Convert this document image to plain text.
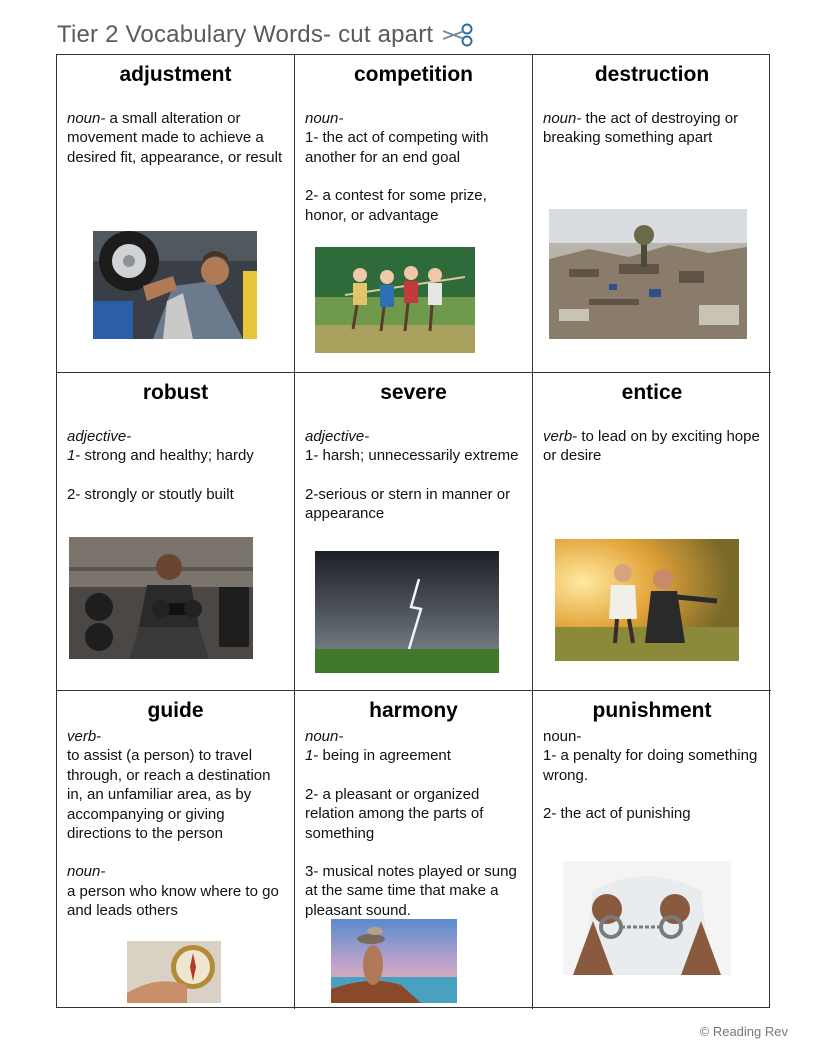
Tier 2 Vocabulary Words- cut apart
adjustment

noun- a small alteration or movement made to achieve a desired fit, appearance, or result

competition

noun-

1- the act of competing with another for an end goal

2- a contest for some prize, honor, or advantage

destruction

noun- the act of destroying or breaking something apart

robust

adjective-

1- strong and healthy; hardy

2- strongly or stoutly built

severe

adjective-

1- harsh; unnecessarily extreme

2-serious or stern in manner or appearance

entice

verb- to lead on by exciting hope or desire

guide

verb-

to assist (a person) to travel through, or reach a destination in, an unfamiliar area, as by accompanying or giving directions to the person

noun-

a person who know where to go and leads others

harmony

noun-

1- being in agreement

2- a pleasant or organized relation among the parts of something

3- musical notes played or sung at the same time that make a pleasant sound.

punishment

noun-

1- a penalty for doing something wrong.

2- the act of punishing

© Reading Rev
